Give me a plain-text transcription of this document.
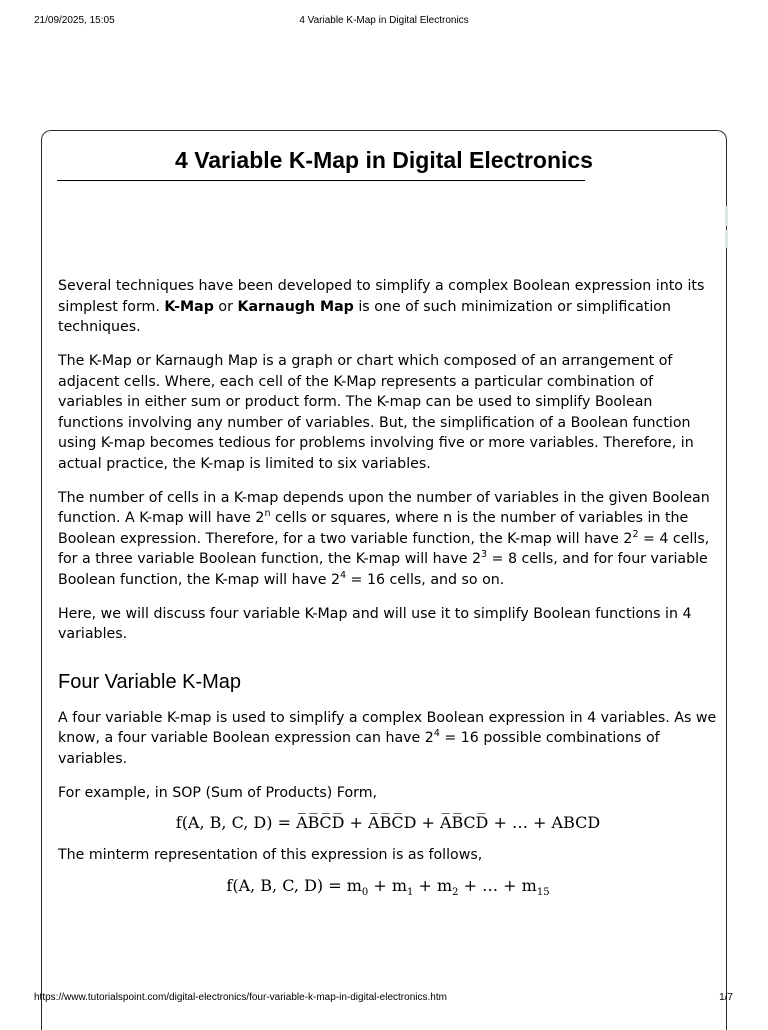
21/09/2025, 15:05	4 Variable K-Map in Digital Electronics
4 Variable K-Map in Digital Electronics

Several techniques have been developed to simplify a complex Boolean expression into its simplest form. K-Map or Karnaugh Map is one of such minimization or simplification techniques.

The K-Map or Karnaugh Map is a graph or chart which composed of an arrangement of adjacent cells. Where, each cell of the K-Map represents a particular combination of variables in either sum or product form. The K-map can be used to simplify Boolean functions involving any number of variables. But, the simplification of a Boolean function using K-map becomes tedious for problems involving five or more variables. Therefore, in actual practice, the K-map is limited to six variables.

The number of cells in a K-map depends upon the number of variables in the given Boolean function. A K-map will have 2$^n$ cells or squares, where n is the number of variables in the Boolean expression. Therefore, for a two variable function, the K-map will have $2^2 = 4$ cells, for a three variable Boolean function, the K-map will have $2^3 = 8$ cells, and for four variable Boolean function, the K-map will have $2^4 = 16$ cells, and so on.

Here, we will discuss four variable K-Map and will use it to simplify Boolean functions in 4 variables.

Four Variable K-Map

A four variable K-map is used to simplify a complex Boolean expression in 4 variables. As we know, a four variable Boolean expression can have $2^4 = 16$ possible combinations of variables.

For example, in SOP (Sum of Products) Form,

f(A, B, C, D) = A̅B̅C̅D̅ + A̅B̅C̅D + A̅B̅CD̅ + … + ABCD

The minterm representation of this expression is as follows,

f(A, B, C, $D) = m_0 + m_1 + m_2$ + … + $m_{15}$
https://www.tutorialspoint.com/digital-electronics/four-variable-k-map-in-digital-electronics.htm	1/7
